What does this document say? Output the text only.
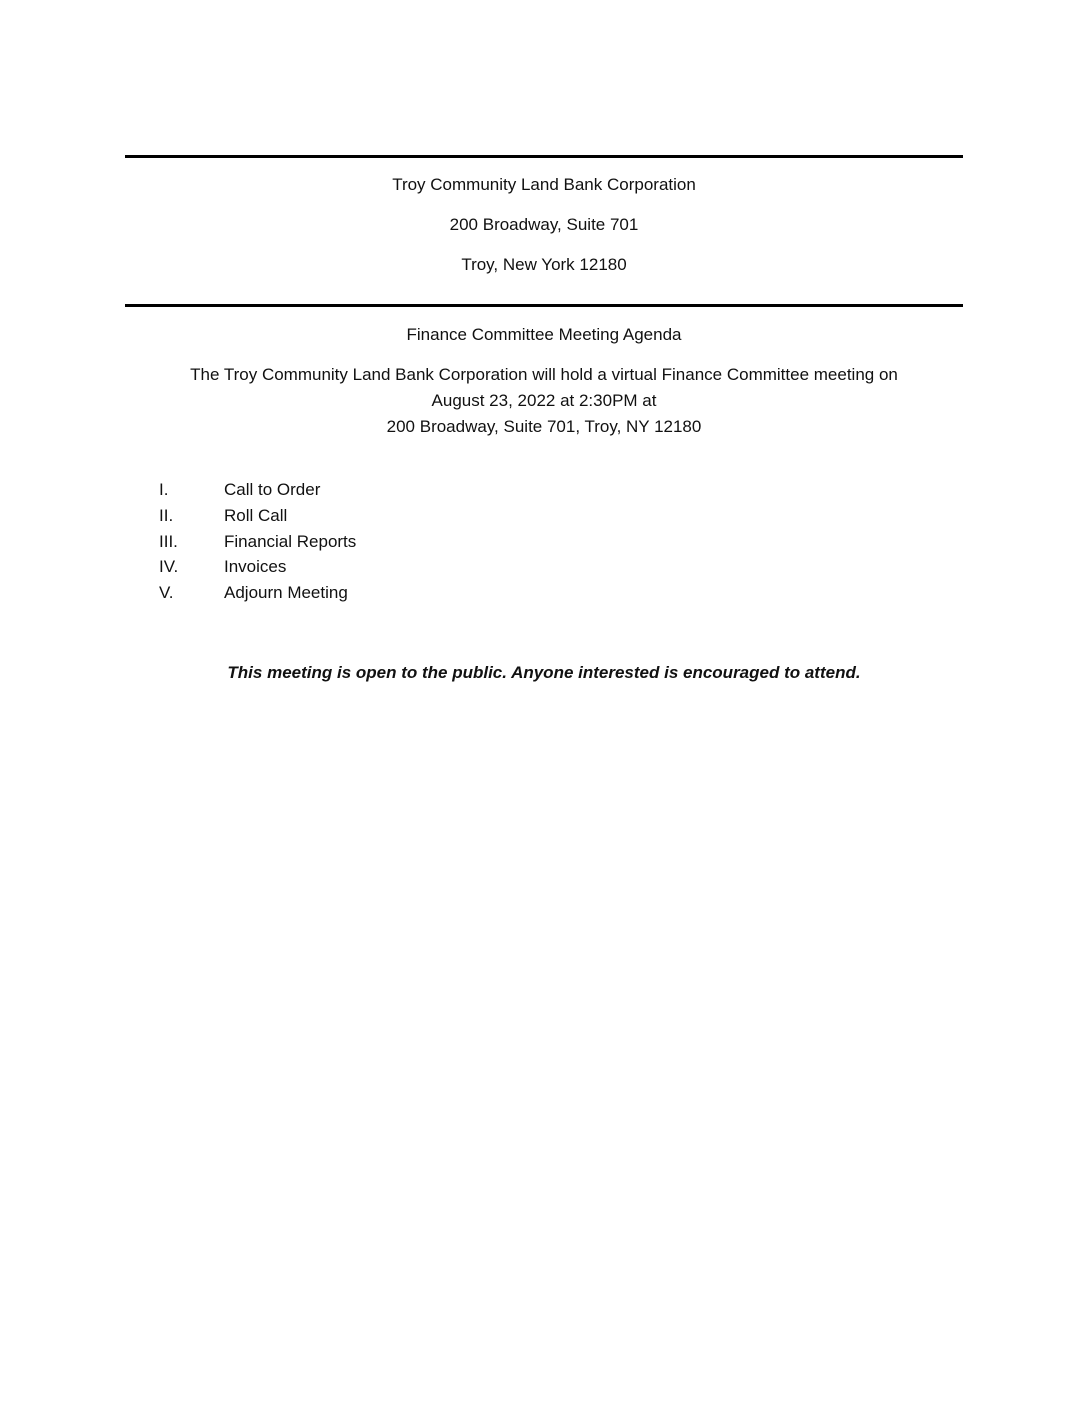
Troy Community Land Bank Corporation
200 Broadway, Suite 701
Troy, New York 12180
Finance Committee Meeting Agenda
The Troy Community Land Bank Corporation will hold a virtual Finance Committee meeting on
August 23, 2022 at 2:30PM at
200 Broadway, Suite 701, Troy, NY 12180
I.	Call to Order
II.	Roll Call
III.	Financial Reports
IV.	Invoices
V.	Adjourn Meeting
This meeting is open to the public. Anyone interested is encouraged to attend.
